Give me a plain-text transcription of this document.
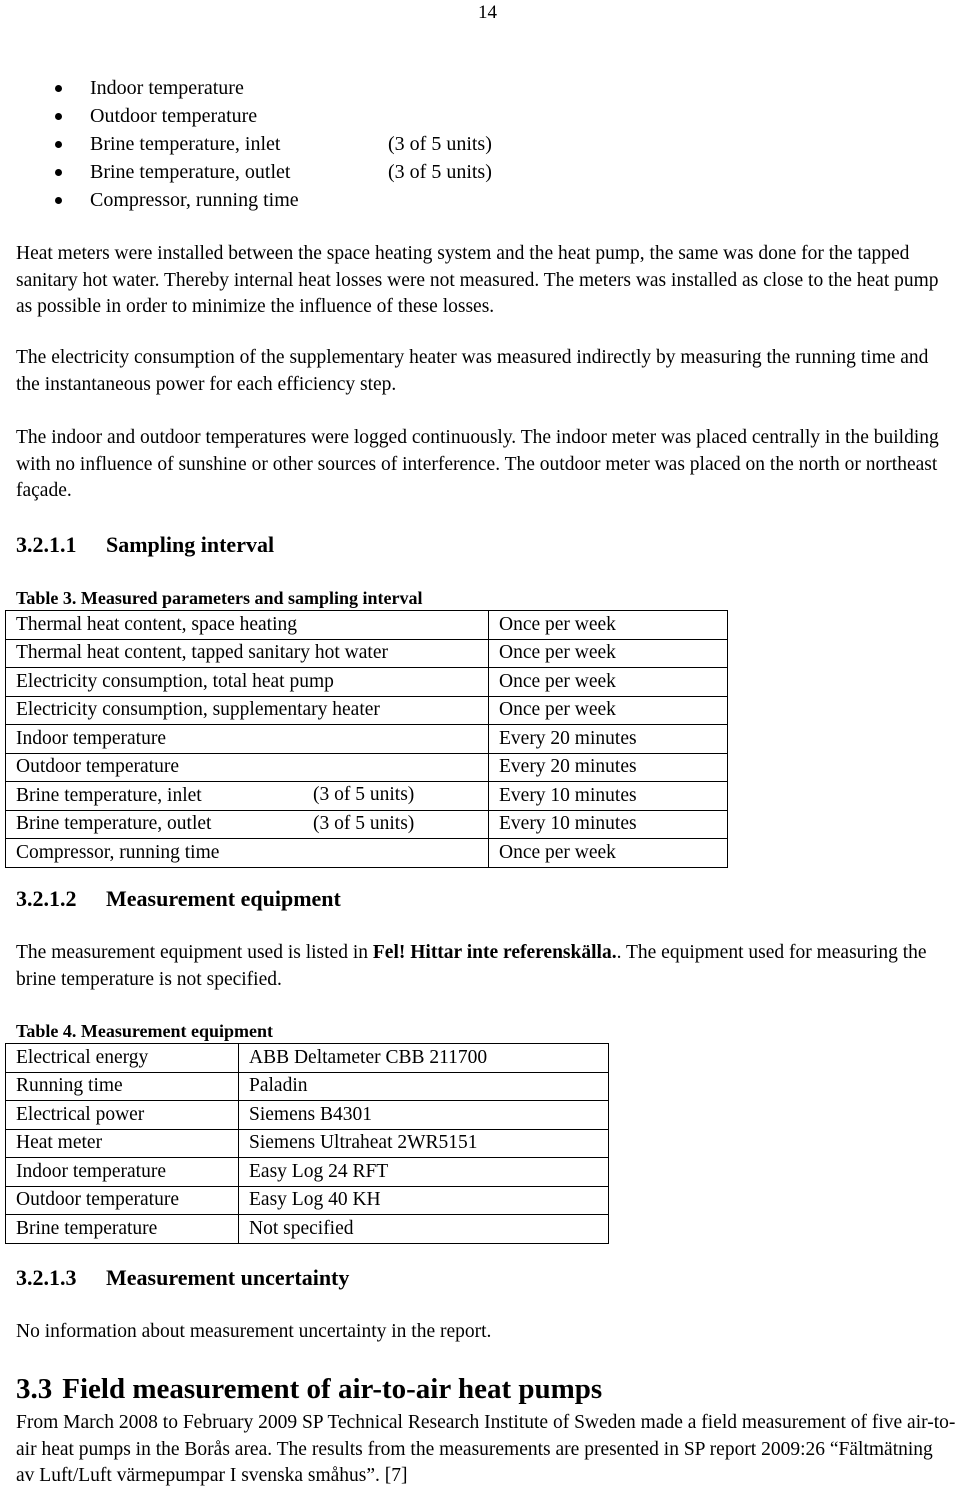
14
Indoor temperature
Outdoor temperature
Brine temperature, inlet	(3 of 5 units)
Brine temperature, outlet	(3 of 5 units)
Compressor, running time

Heat meters were installed between the space heating system and the heat pump, the same was done for the tapped sanitary hot water. Thereby internal heat losses were not measured. The meters was installed as close to the heat pump as possible in order to minimize the influence of these losses.

The electricity consumption of the supplementary heater was measured indirectly by measuring the running time and the instantaneous power for each efficiency step.

The indoor and outdoor temperatures were logged continuously. The indoor meter was placed centrally in the building with no influence of sunshine or other sources of interference. The outdoor meter was placed on the north or northeast façade.

3.2.1.1 Sampling interval

Table 3. Measured parameters and sampling interval

Thermal heat content, space heating	Once per week
Thermal heat content, tapped sanitary hot water	Once per week
Electricity consumption, total heat pump	Once per week
Electricity consumption, supplementary heater	Once per week
Indoor temperature	Every 20 minutes
Outdoor temperature	Every 20 minutes
Brine temperature, inlet (3 of 5 units)	Every 10 minutes
Brine temperature, outlet (3 of 5 units)	Every 10 minutes
Compressor, running time	Once per week
3.2.1.2 Measurement equipment

The measurement equipment used is listed in Fel! Hittar inte referenskälla.. The equipment used for measuring the brine temperature is not specified.

Table 4. Measurement equipment

Electrical energy	ABB Deltameter CBB 211700
Running time	Paladin
Electrical power	Siemens B4301
Heat meter	Siemens Ultraheat 2WR5151
Indoor temperature	Easy Log 24 RFT
Outdoor temperature	Easy Log 40 KH
Brine temperature	Not specified
3.2.1.3 Measurement uncertainty

No information about measurement uncertainty in the report.

3.3 Field measurement of air-to-air heat pumps

From March 2008 to February 2009 SP Technical Research Institute of Sweden made a field measurement of five air-to-air heat pumps in the Borås area. The results from the measurements are presented in SP report 2009:26 “Fältmätning av Luft/Luft värmepumpar I svenska småhus”. [7]
